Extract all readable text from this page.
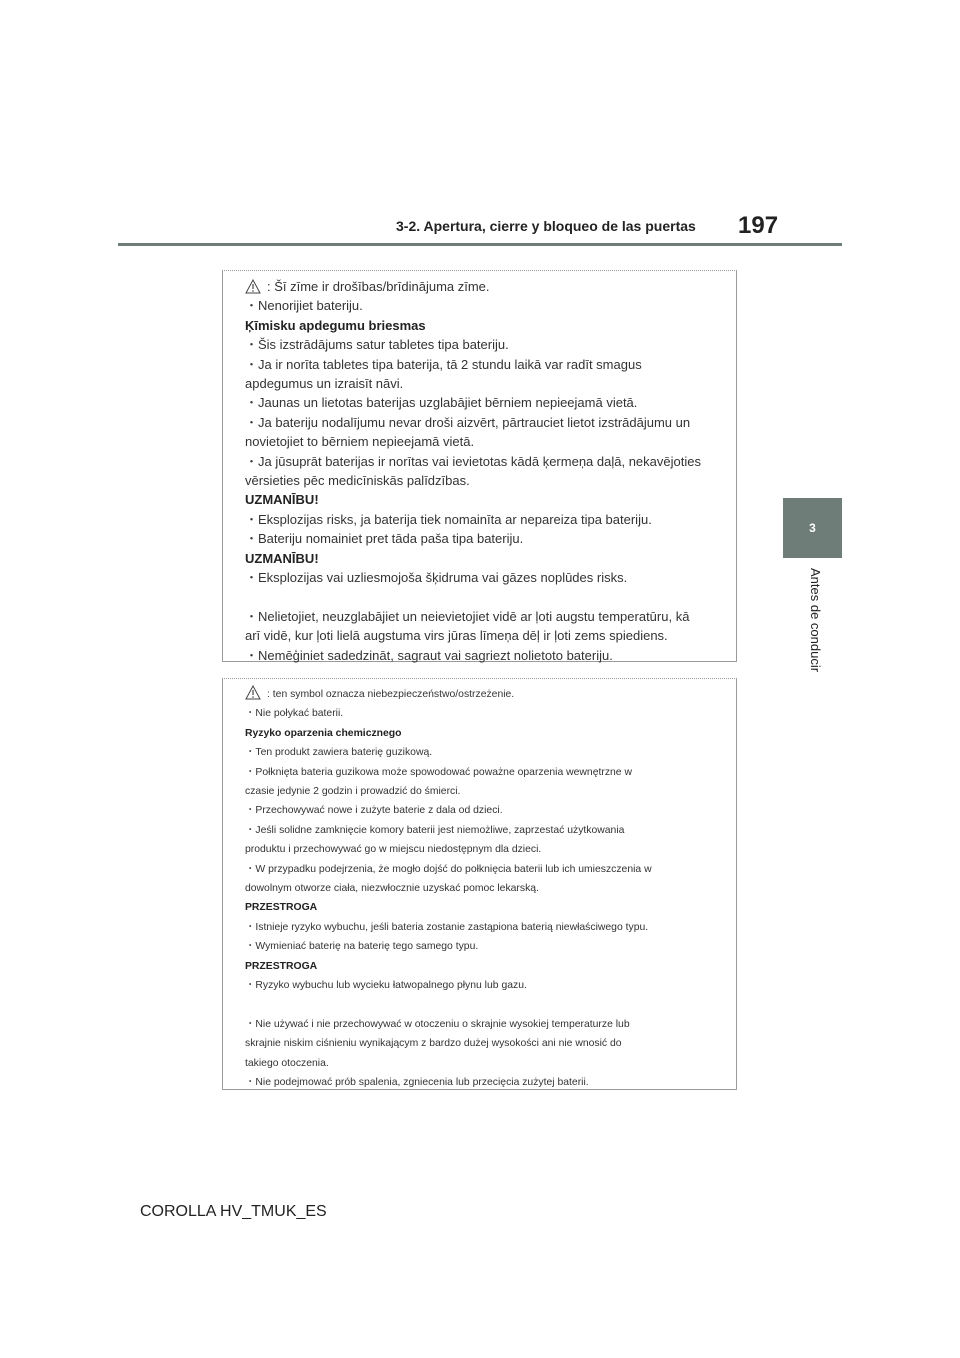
3-2. Apertura, cierre y bloqueo de las puertas 197
3
Antes de conducir
: Šī zīme ir drošības/brīdinājuma zīme.
・Nenorijiet bateriju.
Ķīmisku apdegumu briesmas
・Šis izstrādājums satur tabletes tipa bateriju.
・Ja ir norīta tabletes tipa baterija, tā 2 stundu laikā var radīt smagus
apdegumus un izraisīt nāvi.
・Jaunas un lietotas baterijas uzglabājiet bērniem nepieejamā vietā.
・Ja bateriju nodalījumu nevar droši aizvērt, pārtrauciet lietot izstrādājumu un
novietojiet to bērniem nepieejamā vietā.
・Ja jūsuprāt baterijas ir norītas vai ievietotas kādā ķermeņa daļā, nekavējoties
vērsieties pēc medicīniskās palīdzības.
UZMANĪBU!
・Eksplozijas risks, ja baterija tiek nomainīta ar nepareiza tipa bateriju.
・Bateriju nomainiet pret tāda paša tipa bateriju.
UZMANĪBU!
・Eksplozijas vai uzliesmojoša šķidruma vai gāzes noplūdes risks.
・Nelietojiet, neuzglabājiet un neievietojiet vidē ar ļoti augstu temperatūru, kā
arī vidē, kur ļoti lielā augstuma virs jūras līmeņa dēļ ir ļoti zems spiediens.
・Nemēģiniet sadedzināt, sagraut vai sagriezt nolietoto bateriju.
: ten symbol oznacza niebezpieczeństwo/ostrzeżenie.
・Nie połykać baterii.
Ryzyko oparzenia chemicznego
・Ten produkt zawiera baterię guzikową.
・Połknięta bateria guzikowa może spowodować poważne oparzenia wewnętrzne w
czasie jedynie 2 godzin i prowadzić do śmierci.
・Przechowywać nowe i zużyte baterie z dala od dzieci.
・Jeśli solidne zamknięcie komory baterii jest niemożliwe, zaprzestać użytkowania
produktu i przechowywać go w miejscu niedostępnym dla dzieci.
・W przypadku podejrzenia, że mogło dojść do połknięcia baterii lub ich umieszczenia w
dowolnym otworze ciała, niezwłocznie uzyskać pomoc lekarską.
PRZESTROGA
・Istnieje ryzyko wybuchu, jeśli bateria zostanie zastąpiona baterią niewłaściwego typu.
・Wymieniać baterię na baterię tego samego typu.
PRZESTROGA
・Ryzyko wybuchu lub wycieku łatwopalnego płynu lub gazu.
・Nie używać i nie przechowywać w otoczeniu o skrajnie wysokiej temperaturze lub
skrajnie niskim ciśnieniu wynikającym z bardzo dużej wysokości ani nie wnosić do
takiego otoczenia.
・Nie podejmować prób spalenia, zgniecenia lub przecięcia zużytej baterii.
COROLLA HV_TMUK_ES
